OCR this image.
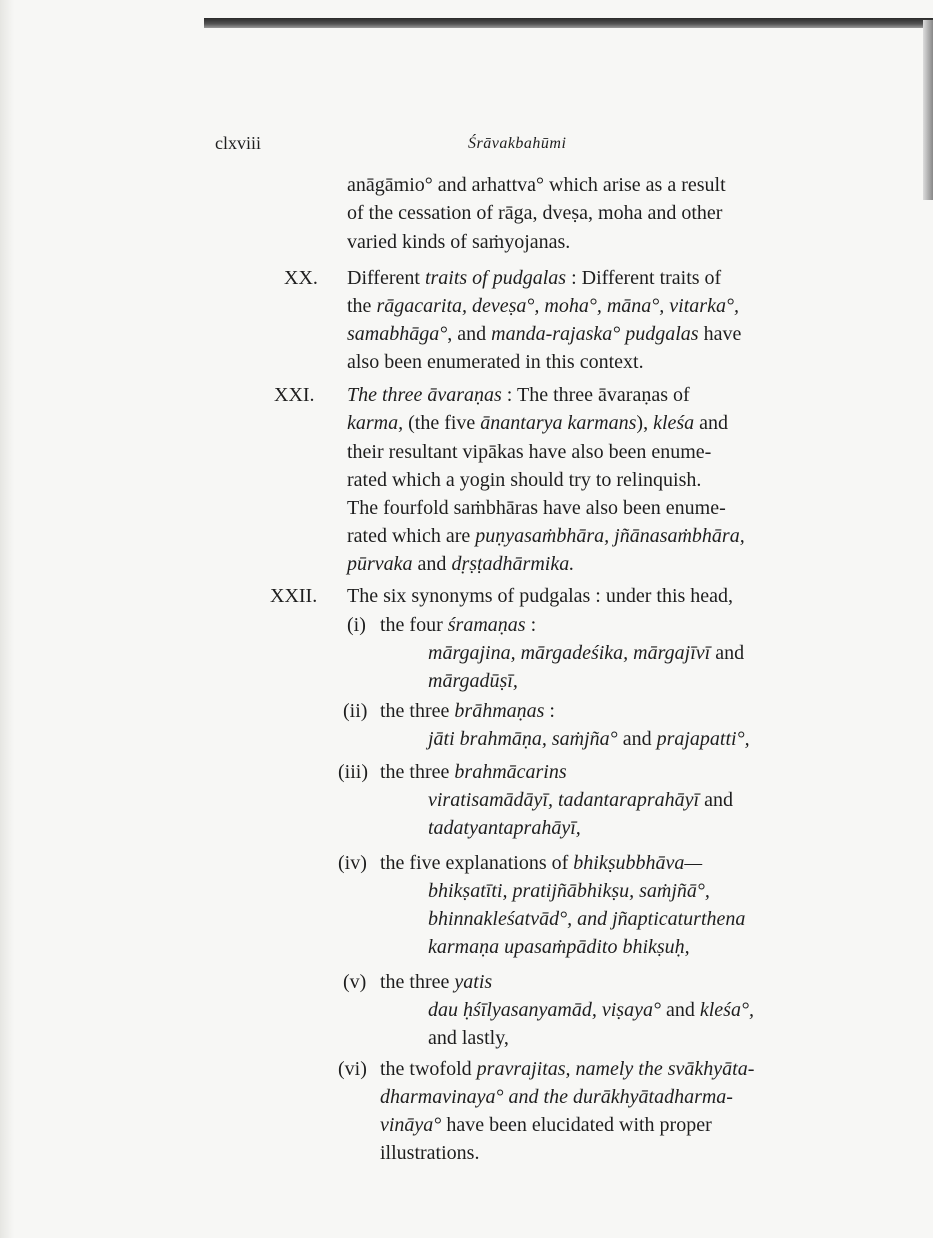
clxviii	Śrāvakbahūmi
anāgāmio° and arhattva° which arise as a result
of the cessation of rāga, dveṣa, moha and other
varied kinds of saṁyojanas.
XX. Different traits of pudgalas : Different traits of
the rāgacarita, deveṣa°, moha°, māna°, vitarka°,
samabhāga°, and manda-rajaska° pudgalas have
also been enumerated in this context.
XXI. The three āvaraṇas : The three āvaraṇas of
karma, (the five ānantarya karmans), kleśa and
their resultant vipākas have also been enume-
rated which a yogin should try to relinquish.
The fourfold saṁbhāras have also been enume-
rated which are puṇyasaṁbhāra, jñānasaṁbhāra,
pūrvaka and dṛṣṭadhārmika.
XXII. The six synonyms of pudgalas : under this head,
(i) the four śramaṇas :
mārgajina, mārgadeśika, mārgajīvī and
mārgadūṣī,
(ii) the three brāhmaṇas :
jāti brahmāṇa, saṁjña° and prajapatti°,
(iii) the three brahmācarins
viratisamādāyī, tadantaraprahāyī and
tadatyantaprahāyī,
(iv) the five explanations of bhikṣubbhāva—
bhikṣatīti, pratijñābhikṣu, saṁjñā°,
bhinnakleśatvād°, and jñapticaturthena
karmaṇa upasaṁpādito bhikṣuḥ,
(v) the three yatis
dau ḥśīlyasanyamād, viṣaya° and kleśa°,
and lastly,
(vi) the twofold pravrajitas, namely the svākhyāta-
dharmavinaya° and the durākhyātadharma-
vināya° have been elucidated with proper
illustrations.
